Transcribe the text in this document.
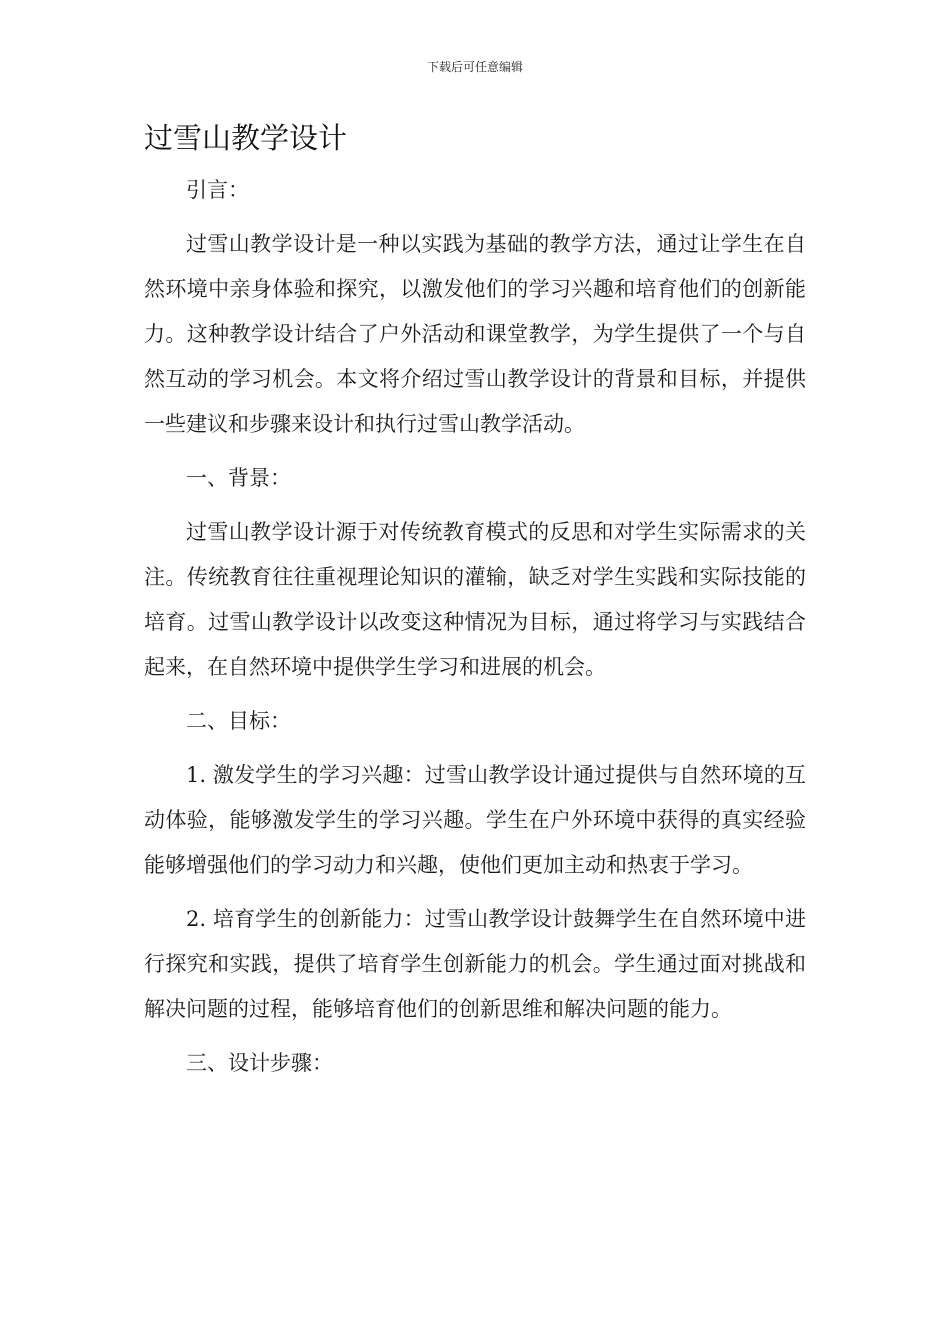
下载后可任意编辑
过雪山教学设计

引言：

过雪山教学设计是一种以实践为基础的教学方法，通过让学生在自然环境中亲身体验和探究，以激发他们的学习兴趣和培育他们的创新能力。这种教学设计结合了户外活动和课堂教学，为学生提供了一个与自然互动的学习机会。本文将介绍过雪山教学设计的背景和目标，并提供一些建议和步骤来设计和执行过雪山教学活动。

一、背景：

过雪山教学设计源于对传统教育模式的反思和对学生实际需求的关注。传统教育往往重视理论知识的灌输，缺乏对学生实践和实际技能的培育。过雪山教学设计以改变这种情况为目标，通过将学习与实践结合起来，在自然环境中提供学生学习和进展的机会。

二、目标：

1. 激发学生的学习兴趣：过雪山教学设计通过提供与自然环境的互动体验，能够激发学生的学习兴趣。学生在户外环境中获得的真实经验能够增强他们的学习动力和兴趣，使他们更加主动和热衷于学习。

2. 培育学生的创新能力：过雪山教学设计鼓舞学生在自然环境中进行探究和实践，提供了培育学生创新能力的机会。学生通过面对挑战和解决问题的过程，能够培育他们的创新思维和解决问题的能力。

三、设计步骤：
